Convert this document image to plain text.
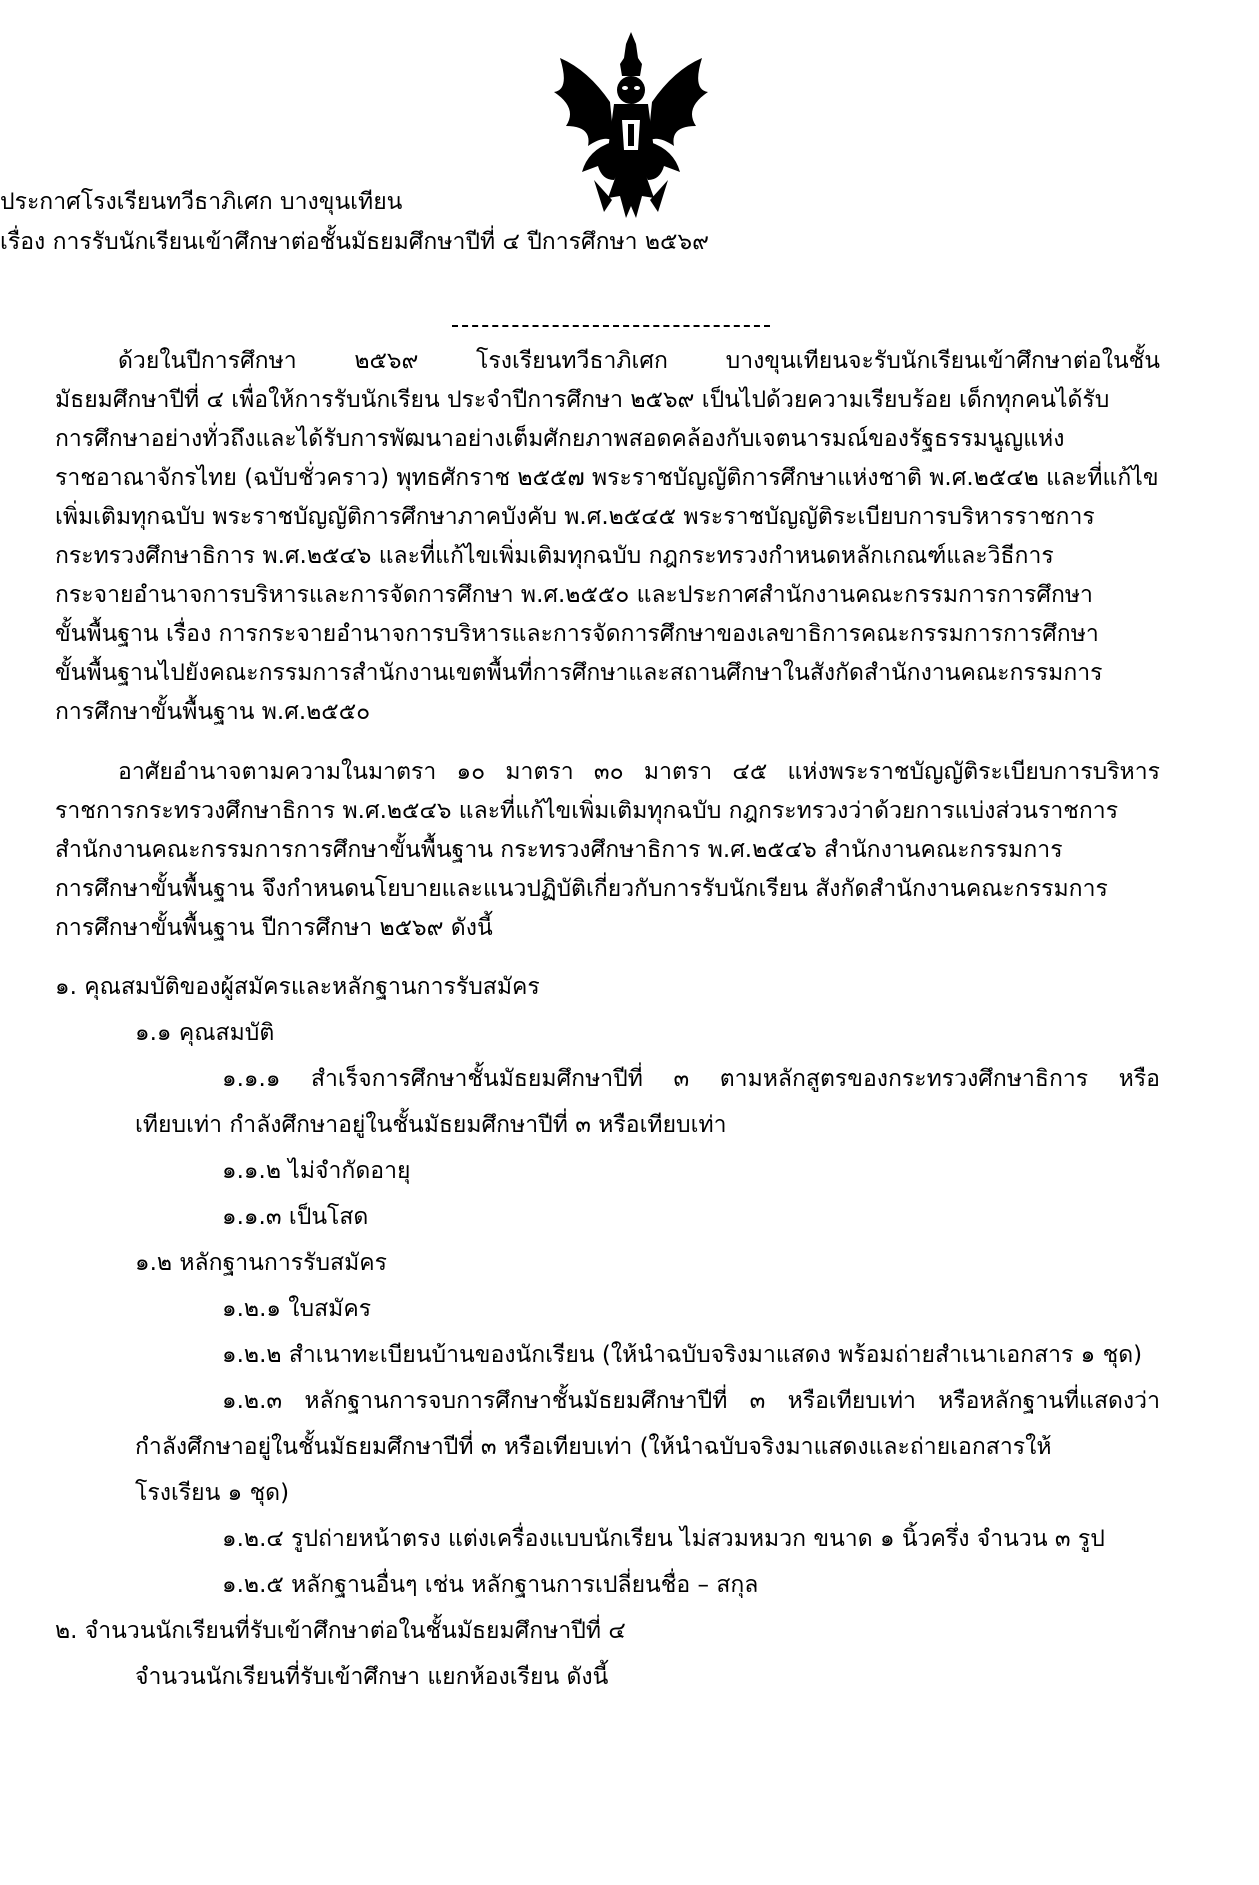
ประกาศโรงเรียนทวีธาภิเศก บางขุนเทียน
เรื่อง การรับนักเรียนเข้าศึกษาต่อชั้นมัธยมศึกษาปีที่ ๔ ปีการศึกษา ๒๕๖๙
ด้วยในปีการศึกษา ๒๕๖๙ โรงเรียนทวีธาภิเศก บางขุนเทียนจะรับนักเรียนเข้าศึกษาต่อในชั้น
มัธยมศึกษาปีที่ ๔ เพื่อให้การรับนักเรียน ประจำปีการศึกษา ๒๕๖๙ เป็นไปด้วยความเรียบร้อย เด็กทุกคนได้รับ
การศึกษาอย่างทั่วถึงและได้รับการพัฒนาอย่างเต็มศักยภาพสอดคล้องกับเจตนารมณ์ของรัฐธรรมนูญแห่ง
ราชอาณาจักรไทย (ฉบับชั่วคราว) พุทธศักราช ๒๕๕๗ พระราชบัญญัติการศึกษาแห่งชาติ พ.ศ.๒๕๔๒ และที่แก้ไข
เพิ่มเติมทุกฉบับ พระราชบัญญัติการศึกษาภาคบังคับ พ.ศ.๒๕๔๕ พระราชบัญญัติระเบียบการบริหารราชการ
กระทรวงศึกษาธิการ พ.ศ.๒๕๔๖ และที่แก้ไขเพิ่มเติมทุกฉบับ กฎกระทรวงกำหนดหลักเกณฑ์และวิธีการ
กระจายอำนาจการบริหารและการจัดการศึกษา พ.ศ.๒๕๕๐ และประกาศสำนักงานคณะกรรมการการศึกษา
ขั้นพื้นฐาน เรื่อง การกระจายอำนาจการบริหารและการจัดการศึกษาของเลขาธิการคณะกรรมการการศึกษา
ขั้นพื้นฐานไปยังคณะกรรมการสำนักงานเขตพื้นที่การศึกษาและสถานศึกษาในสังกัดสำนักงานคณะกรรมการ
การศึกษาขั้นพื้นฐาน พ.ศ.๒๕๕๐
อาศัยอำนาจตามความในมาตรา ๑๐ มาตรา ๓๐ มาตรา ๔๕ แห่งพระราชบัญญัติระเบียบการบริหาร
ราชการกระทรวงศึกษาธิการ พ.ศ.๒๕๔๖ และที่แก้ไขเพิ่มเติมทุกฉบับ กฎกระทรวงว่าด้วยการแบ่งส่วนราชการ
สำนักงานคณะกรรมการการศึกษาขั้นพื้นฐาน กระทรวงศึกษาธิการ พ.ศ.๒๕๔๖ สำนักงานคณะกรรมการ
การศึกษาขั้นพื้นฐาน จึงกำหนดนโยบายและแนวปฏิบัติเกี่ยวกับการรับนักเรียน สังกัดสำนักงานคณะกรรมการ
การศึกษาขั้นพื้นฐาน ปีการศึกษา ๒๕๖๙ ดังนี้
๑. คุณสมบัติของผู้สมัครและหลักฐานการรับสมัคร
๑.๑ คุณสมบัติ
๑.๑.๑ สำเร็จการศึกษาชั้นมัธยมศึกษาปีที่ ๓ ตามหลักสูตรของกระทรวงศึกษาธิการ หรือ
เทียบเท่า กำลังศึกษาอยู่ในชั้นมัธยมศึกษาปีที่ ๓ หรือเทียบเท่า
๑.๑.๒ ไม่จำกัดอายุ
๑.๑.๓ เป็นโสด
๑.๒ หลักฐานการรับสมัคร
๑.๒.๑ ใบสมัคร
๑.๒.๒ สำเนาทะเบียนบ้านของนักเรียน (ให้นำฉบับจริงมาแสดง พร้อมถ่ายสำเนาเอกสาร ๑ ชุด)
๑.๒.๓ หลักฐานการจบการศึกษาชั้นมัธยมศึกษาปีที่ ๓ หรือเทียบเท่า หรือหลักฐานที่แสดงว่า
กำลังศึกษาอยู่ในชั้นมัธยมศึกษาปีที่ ๓ หรือเทียบเท่า (ให้นำฉบับจริงมาแสดงและถ่ายเอกสารให้
โรงเรียน ๑ ชุด)
๑.๒.๔ รูปถ่ายหน้าตรง แต่งเครื่องแบบนักเรียน ไม่สวมหมวก ขนาด ๑ นิ้วครึ่ง จำนวน ๓ รูป
๑.๒.๕ หลักฐานอื่นๆ เช่น หลักฐานการเปลี่ยนชื่อ – สกุล
๒. จำนวนนักเรียนที่รับเข้าศึกษาต่อในชั้นมัธยมศึกษาปีที่ ๔
จำนวนนักเรียนที่รับเข้าศึกษา แยกห้องเรียน ดังนี้
